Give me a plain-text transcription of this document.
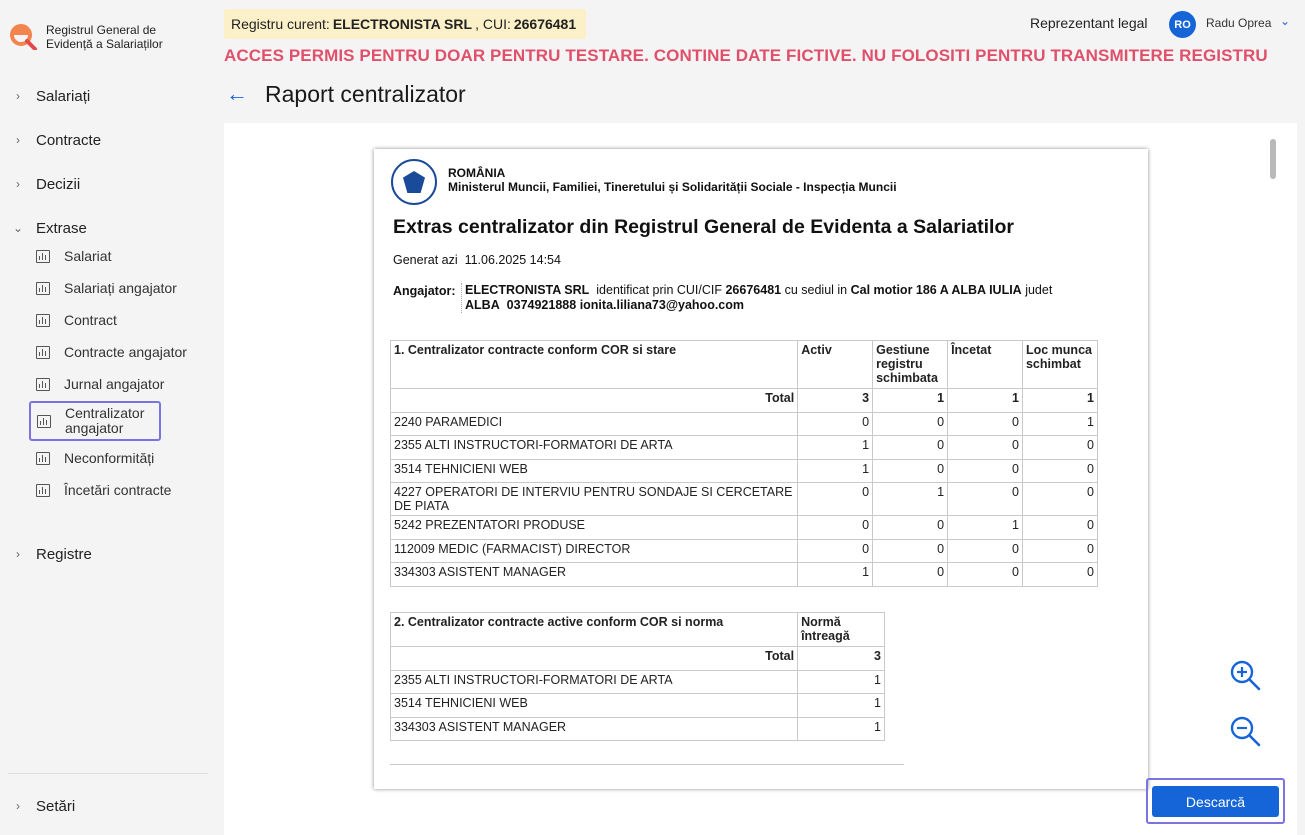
Registrul General de
Evidență a Salariaților
›	Salariați
›	Contracte
›	Decizii
⌄ Extrase
Salariat
Salariați angajator
Contract
Contracte angajator
Jurnal angajator
Centralizator
angajator
Neconformități
Încetări contracte
›	Registre
›	Setări
Registru curent: ELECTRONISTA SRL , CUI: 26676481	Reprezentant legal	RO	Radu Oprea ⌄
ACCES PERMIS PENTRU DOAR PENTRU TESTARE. CONTINE DATE FICTIVE. NU FOLOSITI PENTRU TRANSMITERE REGISTRU
← Raport centralizator
ROMÂNIA
Ministerul Muncii, Familiei, Tineretului și Solidarității Sociale - Inspecția Muncii
Extras centralizator din Registrul General de Evidenta a Salariatilor
Generat azi 11.06.2025 14:54
Angajator: ELECTRONISTA SRL identificat prin CUI/CIF 26676481 cu sediul in Cal motior 186 A ALBA IULIA judet ALBA 0374921888 ionita.liliana73@yahoo.com
1. Centralizator contracte conform COR si stare	Activ	Gestiune registru schimbata	Încetat	Loc munca schimbat
Total	3	1	1	1
2240 PARAMEDICI	0	0	0	1
2355 ALTI INSTRUCTORI-FORMATORI DE ARTA	1	0	0	0
3514 TEHNICIENI WEB	1	0	0	0
4227 OPERATORI DE INTERVIU PENTRU SONDAJE SI CERCETARE DE PIATA	0	1	0	0
5242 PREZENTATORI PRODUSE	0	0	1	0
112009 MEDIC (FARMACIST) DIRECTOR	0	0	0	0
334303 ASISTENT MANAGER	1	0	0	0
2. Centralizator contracte active conform COR si norma	Normă întreagă
Total	3
2355 ALTI INSTRUCTORI-FORMATORI DE ARTA	1
3514 TEHNICIENI WEB	1
334303 ASISTENT MANAGER	1
Descarcă
